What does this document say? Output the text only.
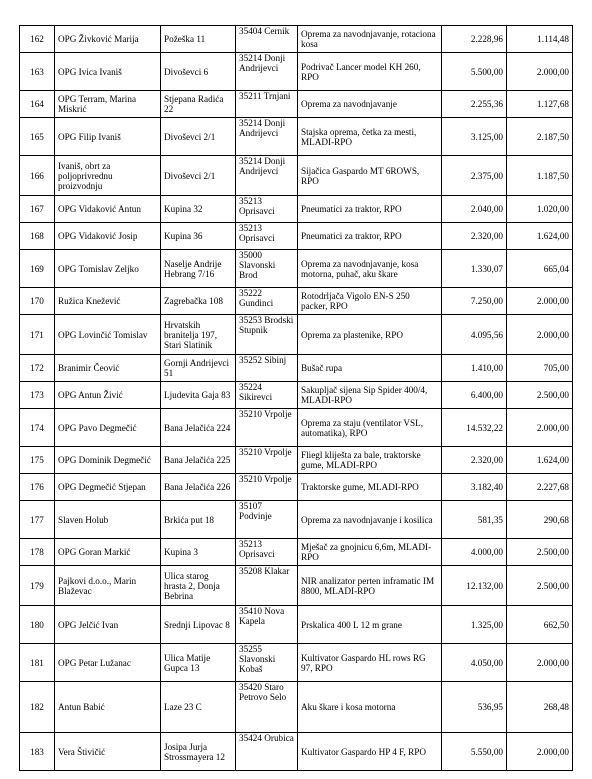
162	OPG Živković Marija	Požeška 11	35404 Cernik	Oprema za navodnjavanje, rotaciona kosa	2.228,96	1.114,48
163	OPG Ivica Ivaniš	Divoševci 6	35214 Donji Andrijevci	Podrivač Lancer model KH 260, RPO	5.500,00	2.000,00
164	OPG Terram, Marina Miskrić	Stjepana Radića 22	35211 Trnjani	Oprema za navodnjavanje	2.255,36	1.127,68
165	OPG Filip Ivaniš	Divoševci 2/1	35214 Donji Andrijevci	Stajska oprema, četka za mesti, MLADI-RPO	3.125,00	2.187,50
166	Ivaniš, obrt za poljoprivrednu proizvodnju	Divoševci 2/1	35214 Donji Andrijevci	Sijačica Gaspardo MT 6ROWS, RPO	2.375,00	1.187,50
167	OPG Vidaković Antun	Kupina 32	35213 Oprisavci	Pneumatici za traktor, RPO	2.040,00	1.020,00
168	OPG Vidaković Josip	Kupina 36	35213 Oprisavci	Pneumatici za traktor, RPO	2.320,00	1.624,00
169	OPG Tomislav Zeljko	Naselje Andrije Hebrang 7/16	35000 Slavonski Brod	Oprema za navodnjavanje, kosa motorna, puhač, aku škare	1.330,07	665,04
170	Ružica Knežević	Zagrebačka 108	35222 Gundinci	Rotodrljača Vigolo EN-S 250 packer, RPO	7.250,00	2.000,00
171	OPG Lovinčić Tomislav	Hrvatskih branitelja 197, Stari Slatinik	35253 Brodski Stupnik	Oprema za plastenike, RPO	4.095,56	2.000,00
172	Branimir Čeović	Gornji Andrijevci 51	35252 Sibinj	Bušač rupa	1.410,00	705,00
173	OPG Antun Živić	Ljudevita Gaja 83	35224 Sikirevci	Sakupljač sijena Sip Spider 400/4, MLADI-RPO	6.400,00	2.500,00
174	OPG Pavo Degmečić	Bana Jelačića 224	35210 Vrpolje	Oprema za staju (ventilator VSL, automatika), RPO	14.532,22	2.000,00
175	OPG Dominik Degmečić	Bana Jelačića 225	35210 Vrpolje	Fliegl kliještа za bale, traktorske gume, MLADI-RPO	2.320,00	1.624,00
176	OPG Degmečić Stjepan	Bana Jelačića 226	35210 Vrpolje	Traktorske gume, MLADI-RPO	3.182,40	2.227,68
177	Slaven Holub	Brkića put 18	35107 Podvinje	Oprema za navodnjavanje i kosilica	581,35	290,68
178	OPG Goran Markić	Kupina 3	35213 Oprisavci	Mješač za gnojnicu 6,6m, MLADI-RPO	4.000,00	2.500,00
179	Pajkovi d.o.o., Marin Blaževac	Ulica starog hrasta 2, Donja Bebrina	35208 Klakar	NIR analizator perten inframatic IM 8800, MLADI-RPO	12.132,00	2.500,00
180	OPG Jelčić Ivan	Srednji Lipovac 8	35410 Nova Kapela	Prskalica 400 L 12 m grane	1.325,00	662,50
181	OPG Petar Lužanac	Ulica Matije Gupca 13	35255 Slavonski Kobaš	Kultivator Gaspardo HL rows RG 97, RPO	4.050,00	2.000,00
182	Antun Babić	Laze 23 C	35420 Staro Petrovo Selo	Aku škare i kosa motorna	536,95	268,48
183	Vera Štivičić	Josipa Jurja Strossmayera 12	35424 Orubica	Kultivator Gaspardo HP 4 F, RPO	5.550,00	2.000,00
